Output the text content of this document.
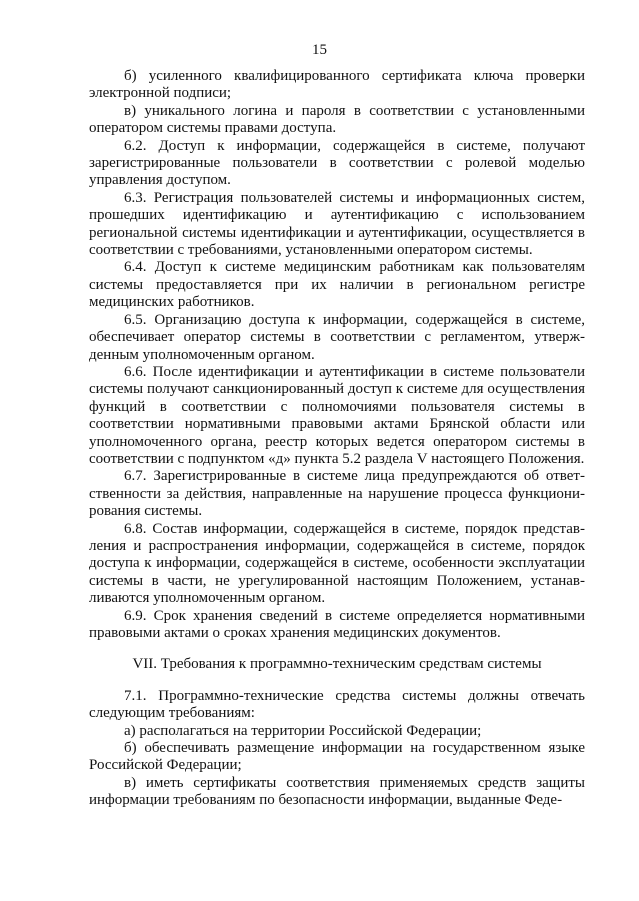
15

б) усиленного квалифицированного сертификата ключа проверки электронной подписи;

в) уникального логина и пароля в соответствии с установленными оператором системы правами доступа.

6.2. Доступ к информации, содержащейся в системе, получают зарегистрированные пользователи в соответствии с ролевой моделью управления доступом.

6.3. Регистрация пользователей системы и информационных систем, прошедших идентификацию и аутентификацию с использованием региональной системы идентификации и аутентификации, осуществляется в соответствии с требованиями, установленными оператором системы.

6.4. Доступ к системе медицинским работникам как пользователям системы предоставляется при их наличии в региональном регистре медицинских работников.

6.5. Организацию доступа к информации, содержащейся в системе, обеспечивает оператор системы в соответствии с регламентом, утвержденным уполномоченным органом.

6.6. После идентификации и аутентификации в системе пользователи системы получают санкционированный доступ к системе для осуществления функций в соответствии с полномочиями пользователя системы в соответствии нормативными правовыми актами Брянской области или уполномоченного органа, реестр которых ведется оператором системы в соответствии с подпунктом «д» пункта 5.2 раздела V настоящего Положения.

6.7. Зарегистрированные в системе лица предупреждаются об ответственности за действия, направленные на нарушение процесса функционирования системы.

6.8. Состав информации, содержащейся в системе, порядок представления и распространения информации, содержащейся в системе, порядок доступа к информации, содержащейся в системе, особенности эксплуатации системы в части, не урегулированной настоящим Положением, устанавливаются уполномоченным органом.

6.9. Срок хранения сведений в системе определяется нормативными правовыми актами о сроках хранения медицинских документов.

VII. Требования к программно-техническим средствам системы

7.1. Программно-технические средства системы должны отвечать следующим требованиям:

а) располагаться на территории Российской Федерации;

б) обеспечивать размещение информации на государственном языке Российской Федерации;

в) иметь сертификаты соответствия применяемых средств защиты информации требованиям по безопасности информации, выданные Феде-
